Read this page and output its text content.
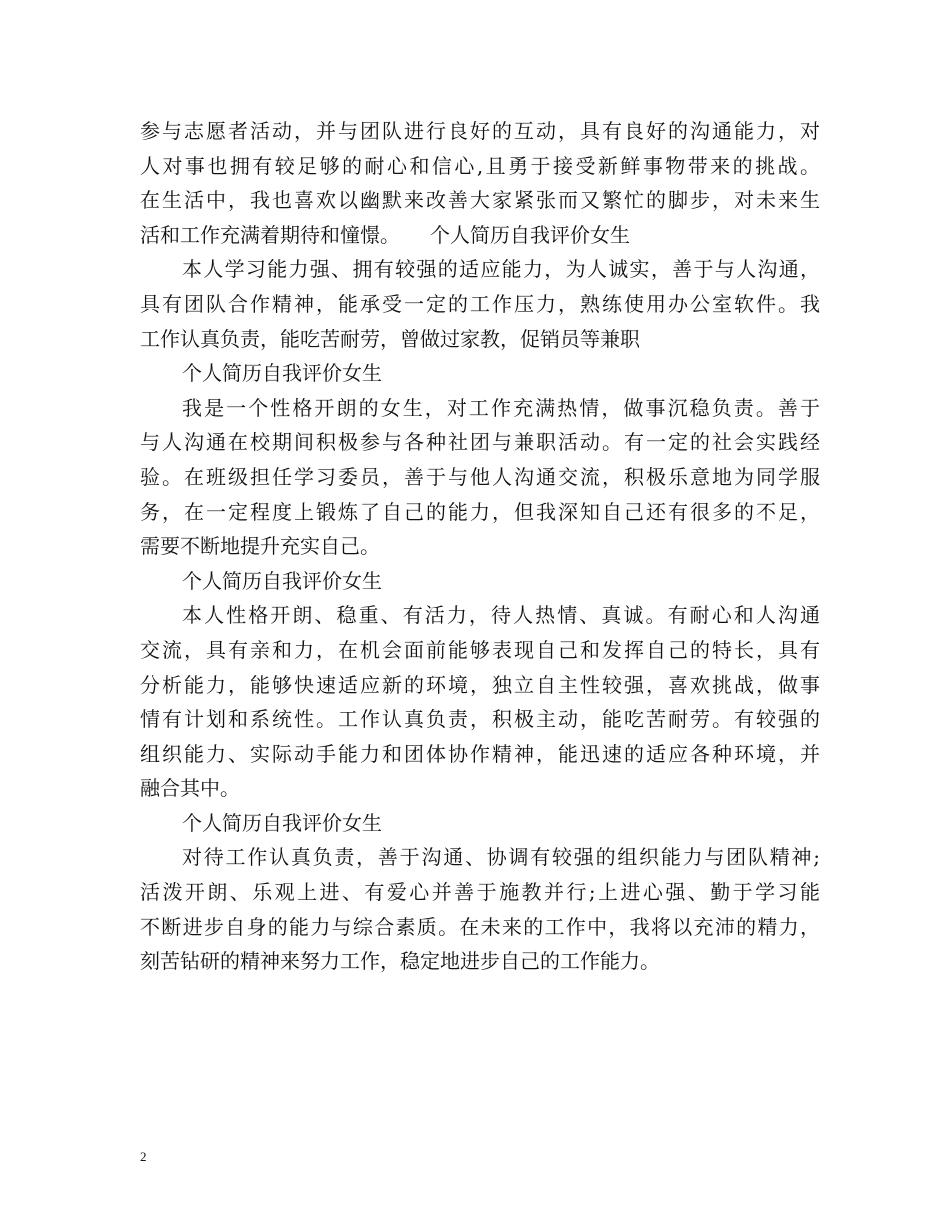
参与志愿者活动，并与团队进行良好的互动，具有良好的沟通能力，对
人对事也拥有较足够的耐心和信心,且勇于接受新鲜事物带来的挑战。
在生活中，我也喜欢以幽默来改善大家紧张而又繁忙的脚步，对未来生
活和工作充满着期待和憧憬。 个人简历自我评价女生
本人学习能力强、拥有较强的适应能力，为人诚实，善于与人沟通，
具有团队合作精神，能承受一定的工作压力，熟练使用办公室软件。我
工作认真负责，能吃苦耐劳，曾做过家教，促销员等兼职
个人简历自我评价女生
我是一个性格开朗的女生，对工作充满热情，做事沉稳负责。善于
与人沟通在校期间积极参与各种社团与兼职活动。有一定的社会实践经
验。在班级担任学习委员，善于与他人沟通交流，积极乐意地为同学服
务，在一定程度上锻炼了自己的能力，但我深知自己还有很多的不足，
需要不断地提升充实自己。
个人简历自我评价女生
本人性格开朗、稳重、有活力，待人热情、真诚。有耐心和人沟通
交流，具有亲和力，在机会面前能够表现自己和发挥自己的特长，具有
分析能力，能够快速适应新的环境，独立自主性较强，喜欢挑战，做事
情有计划和系统性。工作认真负责，积极主动，能吃苦耐劳。有较强的
组织能力、实际动手能力和团体协作精神，能迅速的适应各种环境，并
融合其中。
个人简历自我评价女生
对待工作认真负责，善于沟通、协调有较强的组织能力与团队精神;
活泼开朗、乐观上进、有爱心并善于施教并行;上进心强、勤于学习能
不断进步自身的能力与综合素质。在未来的工作中，我将以充沛的精力，
刻苦钻研的精神来努力工作，稳定地进步自己的工作能力。
2
